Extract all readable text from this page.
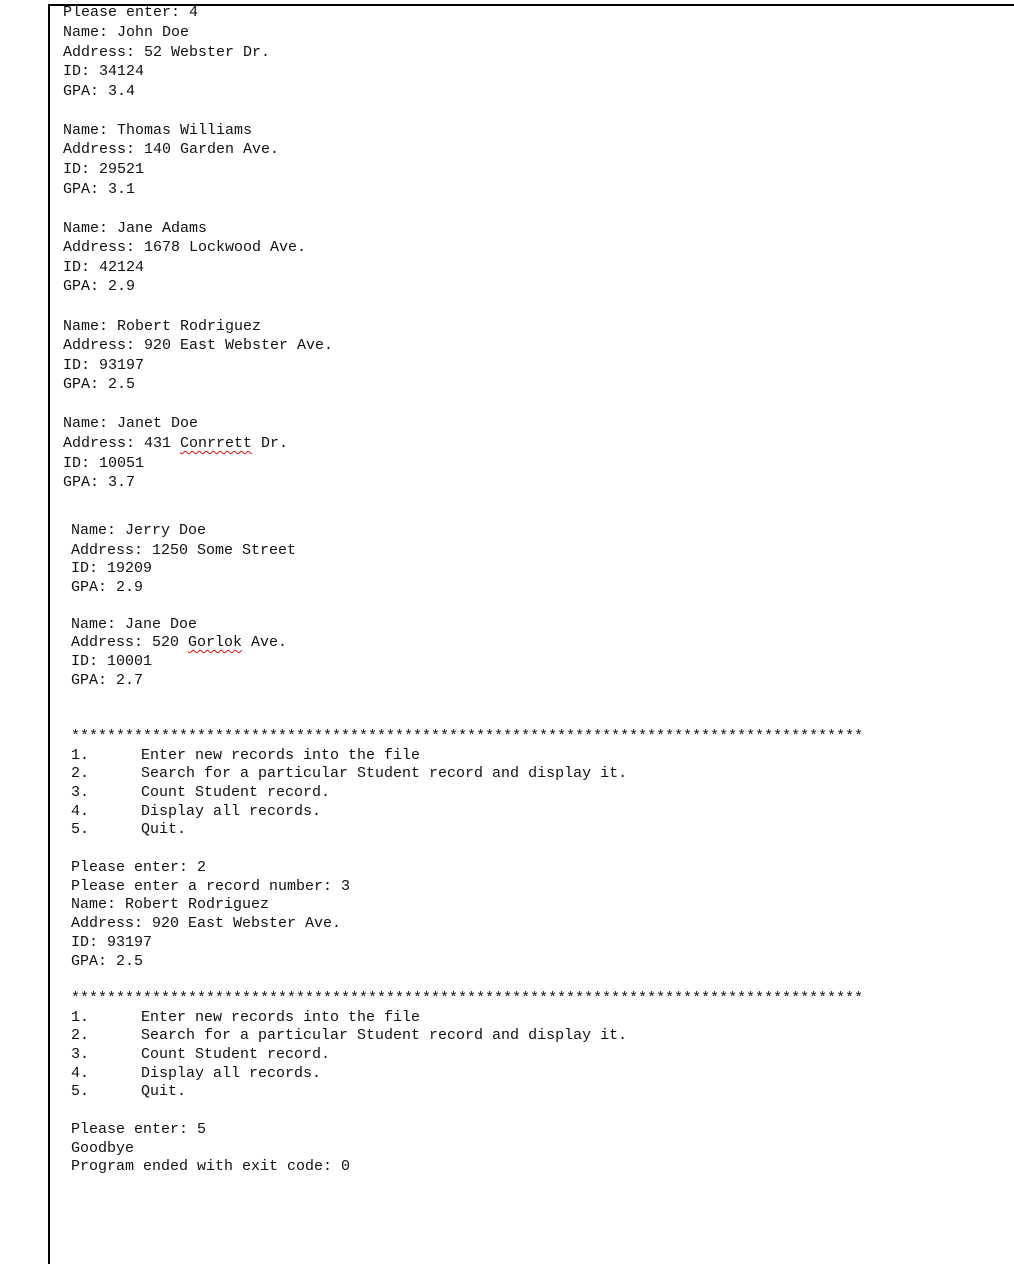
Please enter: 4
Name: John Doe
Address: 52 Webster Dr.
ID: 34124
GPA: 3.4
Name: Thomas Williams
Address: 140 Garden Ave.
ID: 29521
GPA: 3.1
Name: Jane Adams
Address: 1678 Lockwood Ave.
ID: 42124
GPA: 2.9
Name: Robert Rodriguez
Address: 920 East Webster Ave.
ID: 93197
GPA: 2.5
Name: Janet Doe
Address: 431 Conrrett Dr.
ID: 10051
GPA: 3.7
Name: Jerry Doe
Address: 1250 Some Street
ID: 19209
GPA: 2.9
Name: Jane Doe
Address: 520 Gorlok Ave.
ID: 10001
GPA: 2.7
****************************************************************************************
1.	Enter new records into the file
2.	Search for a particular Student record and display it.
3.	Count Student record.
4.	Display all records.
5.	Quit.
Please enter: 2
Please enter a record number: 3
Name: Robert Rodriguez
Address: 920 East Webster Ave.
ID: 93197
GPA: 2.5
****************************************************************************************
1.	Enter new records into the file
2.	Search for a particular Student record and display it.
3.	Count Student record.
4.	Display all records.
5.	Quit.
Please enter: 5
Goodbye
Program ended with exit code: 0
